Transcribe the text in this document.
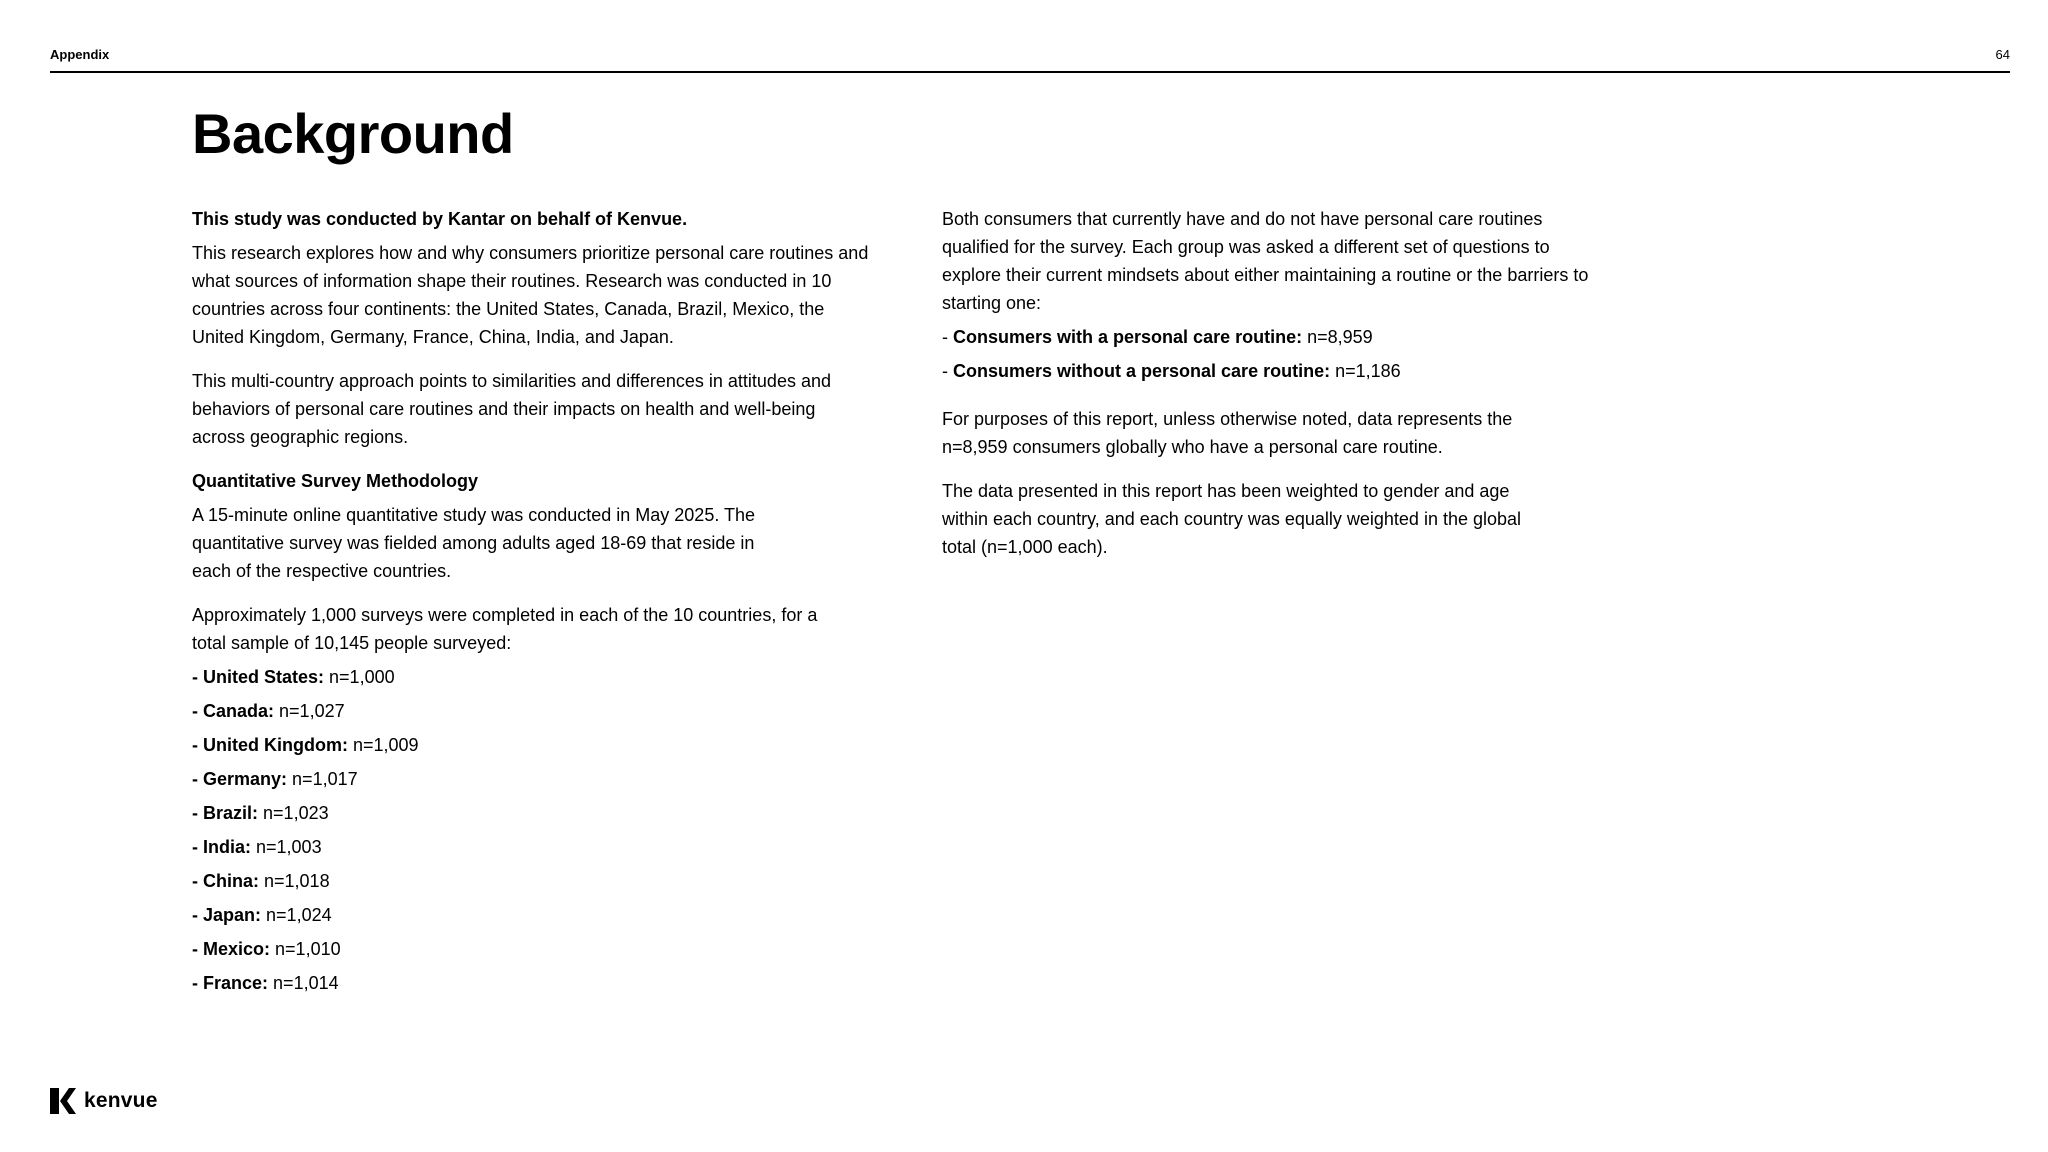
Appendix	64
Background

This study was conducted by Kantar on behalf of Kenvue.

This research explores how and why consumers prioritize personal care routines and what sources of information shape their routines. Research was conducted in 10 countries across four continents: the United States, Canada, Brazil, Mexico, the United Kingdom, Germany, France, China, India, and Japan.

This multi-country approach points to similarities and differences in attitudes and behaviors of personal care routines and their impacts on health and well-being across geographic regions.

Quantitative Survey Methodology

A 15-minute online quantitative study was conducted in May 2025. The quantitative survey was fielded among adults aged 18-69 that reside in each of the respective countries.

Approximately 1,000 surveys were completed in each of the 10 countries, for a total sample of 10,145 people surveyed:

- United States: n=1,000
- Canada: n=1,027
- United Kingdom: n=1,009
- Germany: n=1,017
- Brazil: n=1,023
- India: n=1,003
- China: n=1,018
- Japan: n=1,024
- Mexico: n=1,010
- France: n=1,014

Both consumers that currently have and do not have personal care routines qualified for the survey. Each group was asked a different set of questions to explore their current mindsets about either maintaining a routine or the barriers to starting one:

- Consumers with a personal care routine: n=8,959
- Consumers without a personal care routine: n=1,186

For purposes of this report, unless otherwise noted, data represents the n=8,959 consumers globally who have a personal care routine.

The data presented in this report has been weighted to gender and age within each country, and each country was equally weighted in the global total (n=1,000 each).

kenvue
